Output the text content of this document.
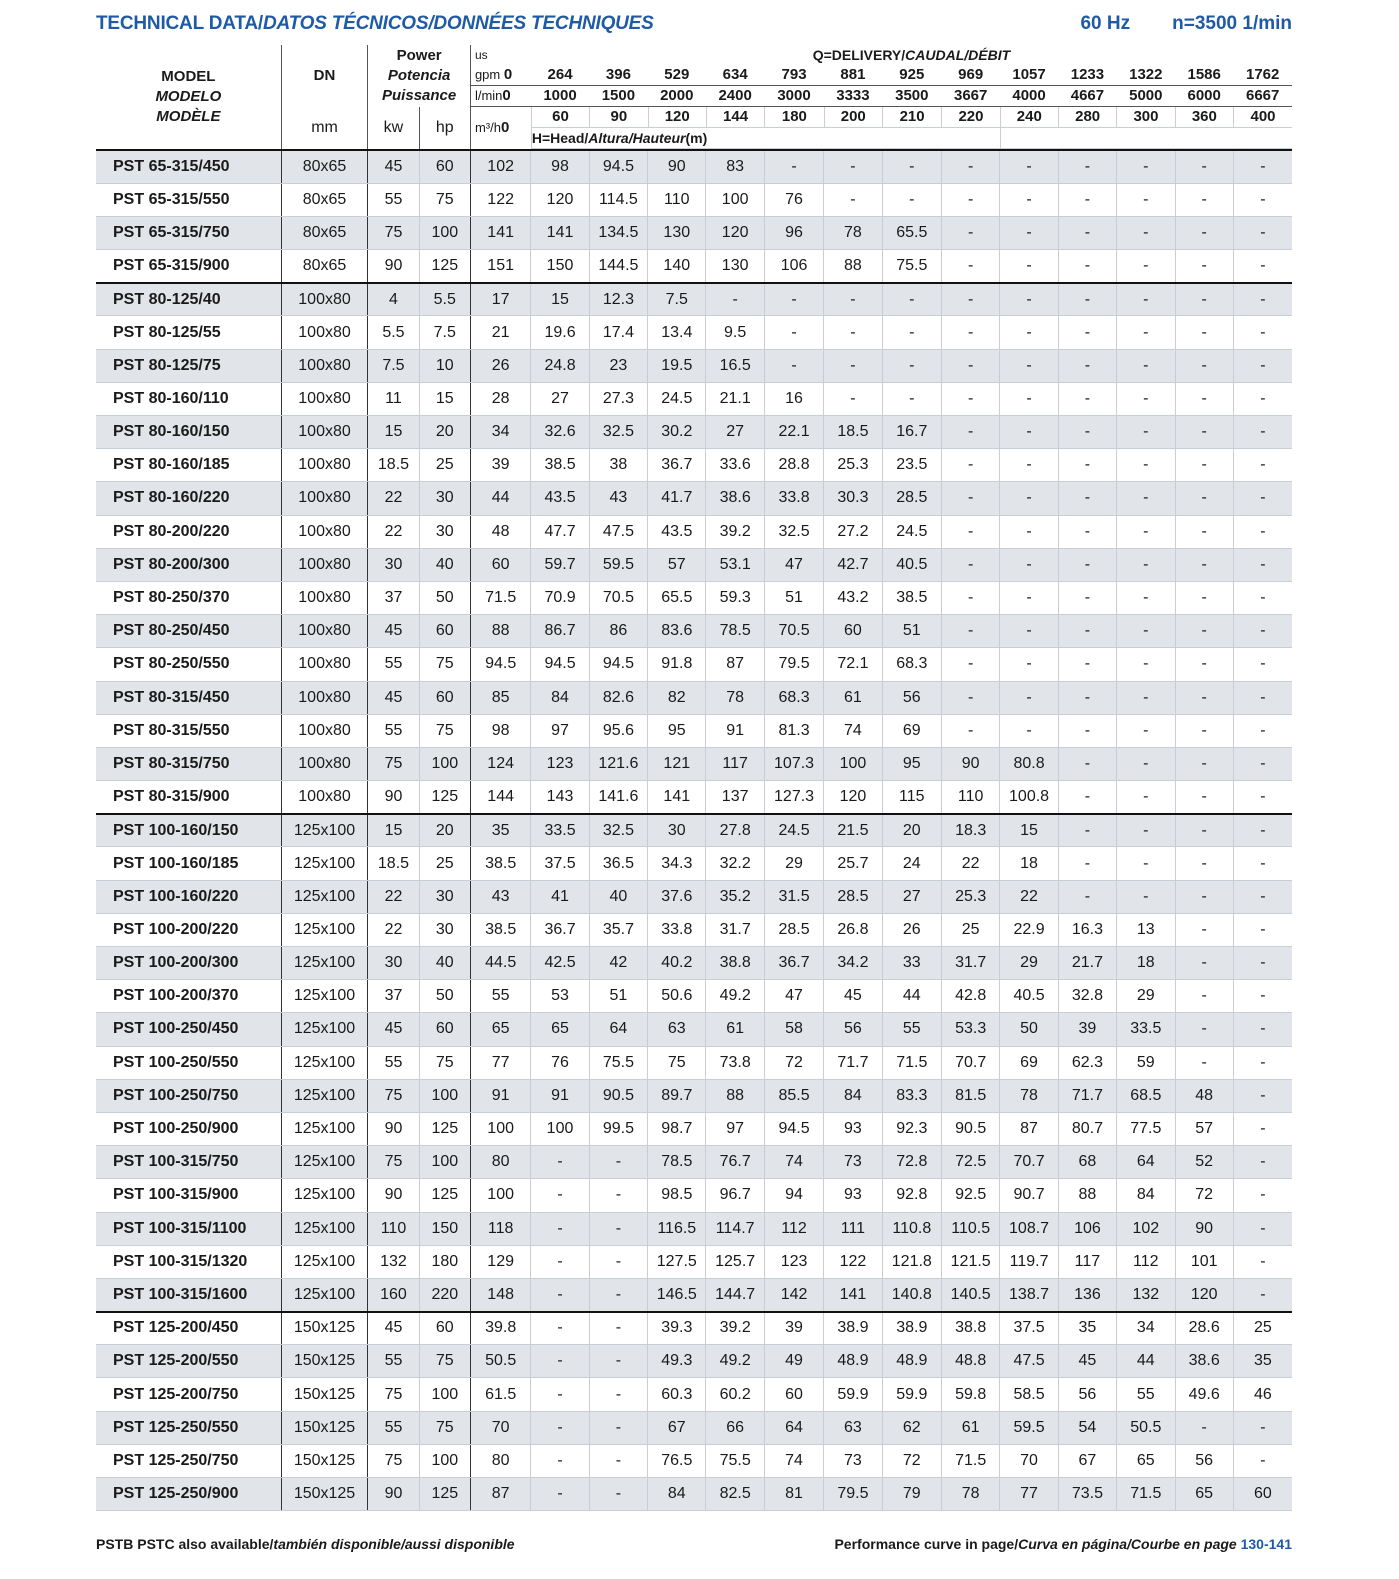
TECHNICAL DATA/DATOS TÉCNICOS/DONNÉES TECHNIQUES	60 Hz n=3500 1/min
MODEL
MODELO
MODÈLE
	DN	
Power
Potencia
Puissance

us	Q=DELIVERY/CAUDAL/DÉBIT
gpm 0	264	396	529	634	793	881	925	969	1057	1233	1322	1586	1762
l/min0	1000	1500	2000	2400	3000	3333	3500	3667	4000	4667	5000	6000	6667
mm	kw	hp	m³/h0	
60	90	120	144	180	200	210	220	240	280	300	360	400
H=Head/Altura/Hauteur(m)	

PST 65-315/450	80x65	45	60	102	98	94.5	90	83	-	-	-	-	-	-	-	-	-
PST 65-315/550	80x65	55	75	122	120	114.5	110	100	76	-	-	-	-	-	-	-	-
PST 65-315/750	80x65	75	100	141	141	134.5	130	120	96	78	65.5	-	-	-	-	-	-
PST 65-315/900	80x65	90	125	151	150	144.5	140	130	106	88	75.5	-	-	-	-	-	-
PST 80-125/40	100x80	4	5.5	17	15	12.3	7.5	-	-	-	-	-	-	-	-	-	-
PST 80-125/55	100x80	5.5	7.5	21	19.6	17.4	13.4	9.5	-	-	-	-	-	-	-	-	-
PST 80-125/75	100x80	7.5	10	26	24.8	23	19.5	16.5	-	-	-	-	-	-	-	-	-
PST 80-160/110	100x80	11	15	28	27	27.3	24.5	21.1	16	-	-	-	-	-	-	-	-
PST 80-160/150	100x80	15	20	34	32.6	32.5	30.2	27	22.1	18.5	16.7	-	-	-	-	-	-
PST 80-160/185	100x80	18.5	25	39	38.5	38	36.7	33.6	28.8	25.3	23.5	-	-	-	-	-	-
PST 80-160/220	100x80	22	30	44	43.5	43	41.7	38.6	33.8	30.3	28.5	-	-	-	-	-	-
PST 80-200/220	100x80	22	30	48	47.7	47.5	43.5	39.2	32.5	27.2	24.5	-	-	-	-	-	-
PST 80-200/300	100x80	30	40	60	59.7	59.5	57	53.1	47	42.7	40.5	-	-	-	-	-	-
PST 80-250/370	100x80	37	50	71.5	70.9	70.5	65.5	59.3	51	43.2	38.5	-	-	-	-	-	-
PST 80-250/450	100x80	45	60	88	86.7	86	83.6	78.5	70.5	60	51	-	-	-	-	-	-
PST 80-250/550	100x80	55	75	94.5	94.5	94.5	91.8	87	79.5	72.1	68.3	-	-	-	-	-	-
PST 80-315/450	100x80	45	60	85	84	82.6	82	78	68.3	61	56	-	-	-	-	-	-
PST 80-315/550	100x80	55	75	98	97	95.6	95	91	81.3	74	69	-	-	-	-	-	-
PST 80-315/750	100x80	75	100	124	123	121.6	121	117	107.3	100	95	90	80.8	-	-	-	-
PST 80-315/900	100x80	90	125	144	143	141.6	141	137	127.3	120	115	110	100.8	-	-	-	-
PST 100-160/150	125x100	15	20	35	33.5	32.5	30	27.8	24.5	21.5	20	18.3	15	-	-	-	-
PST 100-160/185	125x100	18.5	25	38.5	37.5	36.5	34.3	32.2	29	25.7	24	22	18	-	-	-	-
PST 100-160/220	125x100	22	30	43	41	40	37.6	35.2	31.5	28.5	27	25.3	22	-	-	-	-
PST 100-200/220	125x100	22	30	38.5	36.7	35.7	33.8	31.7	28.5	26.8	26	25	22.9	16.3	13	-	-
PST 100-200/300	125x100	30	40	44.5	42.5	42	40.2	38.8	36.7	34.2	33	31.7	29	21.7	18	-	-
PST 100-200/370	125x100	37	50	55	53	51	50.6	49.2	47	45	44	42.8	40.5	32.8	29	-	-
PST 100-250/450	125x100	45	60	65	65	64	63	61	58	56	55	53.3	50	39	33.5	-	-
PST 100-250/550	125x100	55	75	77	76	75.5	75	73.8	72	71.7	71.5	70.7	69	62.3	59	-	-
PST 100-250/750	125x100	75	100	91	91	90.5	89.7	88	85.5	84	83.3	81.5	78	71.7	68.5	48	-
PST 100-250/900	125x100	90	125	100	100	99.5	98.7	97	94.5	93	92.3	90.5	87	80.7	77.5	57	-
PST 100-315/750	125x100	75	100	80	-	-	78.5	76.7	74	73	72.8	72.5	70.7	68	64	52	-
PST 100-315/900	125x100	90	125	100	-	-	98.5	96.7	94	93	92.8	92.5	90.7	88	84	72	-
PST 100-315/1100	125x100	110	150	118	-	-	116.5	114.7	112	111	110.8	110.5	108.7	106	102	90	-
PST 100-315/1320	125x100	132	180	129	-	-	127.5	125.7	123	122	121.8	121.5	119.7	117	112	101	-
PST 100-315/1600	125x100	160	220	148	-	-	146.5	144.7	142	141	140.8	140.5	138.7	136	132	120	-
PST 125-200/450	150x125	45	60	39.8	-	-	39.3	39.2	39	38.9	38.9	38.8	37.5	35	34	28.6	25
PST 125-200/550	150x125	55	75	50.5	-	-	49.3	49.2	49	48.9	48.9	48.8	47.5	45	44	38.6	35
PST 125-200/750	150x125	75	100	61.5	-	-	60.3	60.2	60	59.9	59.9	59.8	58.5	56	55	49.6	46
PST 125-250/550	150x125	55	75	70	-	-	67	66	64	63	62	61	59.5	54	50.5	-	-
PST 125-250/750	150x125	75	100	80	-	-	76.5	75.5	74	73	72	71.5	70	67	65	56	-
PST 125-250/900	150x125	90	125	87	-	-	84	82.5	81	79.5	79	78	77	73.5	71.5	65	60
PSTB PSTC also available/también disponible/aussi disponible	Performance curve in page/Curva en página/Courbe en page 130-141
